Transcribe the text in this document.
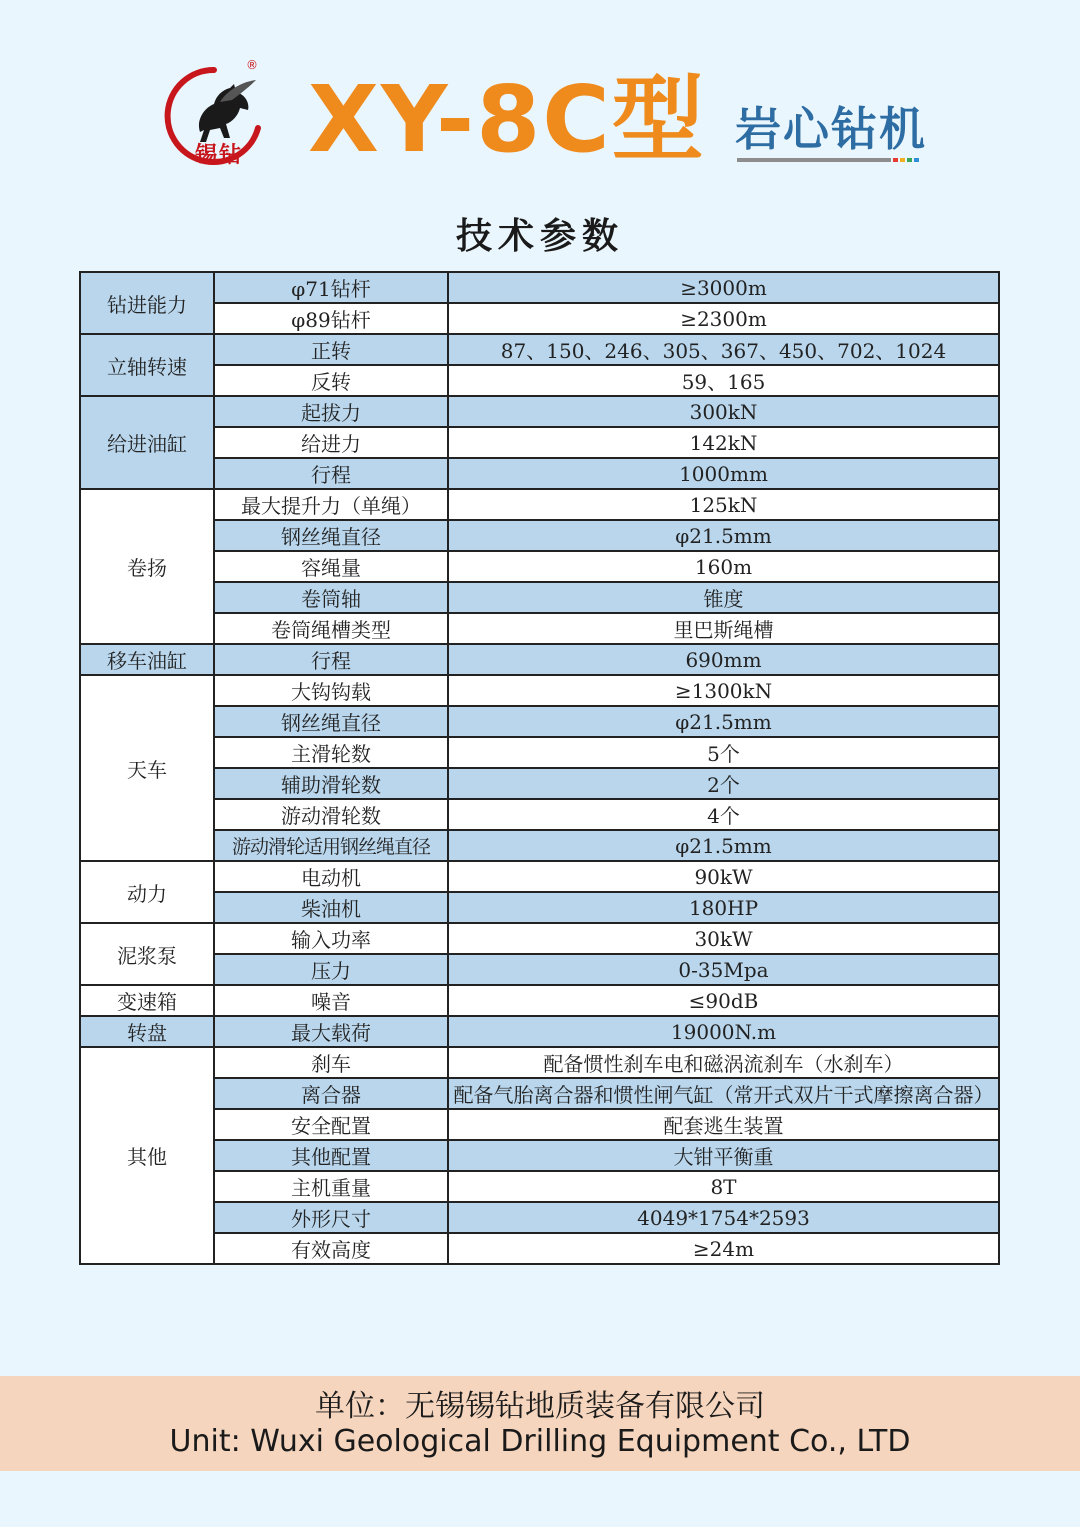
®
锡钻 XY-8C型 岩心钻机
技术参数
钻进能力	φ71钻杆	≥3000m
	φ89钻杆	≥2300m
立轴转速	正转	87、150、246、305、367、450、702、1024
	反转	59、165
给进油缸	起拔力	300kN
	给进力	142kN
	行程	1000mm
卷扬	最大提升力（单绳）	125kN
	钢丝绳直径	φ21.5mm
	容绳量	160m
	卷筒轴	锥度
	卷筒绳槽类型	里巴斯绳槽
移车油缸	行程	690mm
天车	大钩钩载	≥1300kN
	钢丝绳直径	φ21.5mm
	主滑轮数	5个
	辅助滑轮数	2个
	游动滑轮数	4个
	游动滑轮适用钢丝绳直径	φ21.5mm
动力	电动机	90kW
	柴油机	180HP
泥浆泵	输入功率	30kW
	压力	0-35Mpa
变速箱	噪音	≤90dB
转盘	最大载荷	19000N.m
其他	刹车	配备惯性刹车电和磁涡流刹车（水刹车）
	离合器	配备气胎离合器和惯性闸气缸（常开式双片干式摩擦离合器）
	安全配置	配套逃生装置
	其他配置	大钳平衡重
	主机重量	8T
	外形尺寸	4049*1754*2593
	有效高度	≥24m
单位：无锡锡钻地质装备有限公司
Unit: Wuxi Geological Drilling Equipment Co., LTD
